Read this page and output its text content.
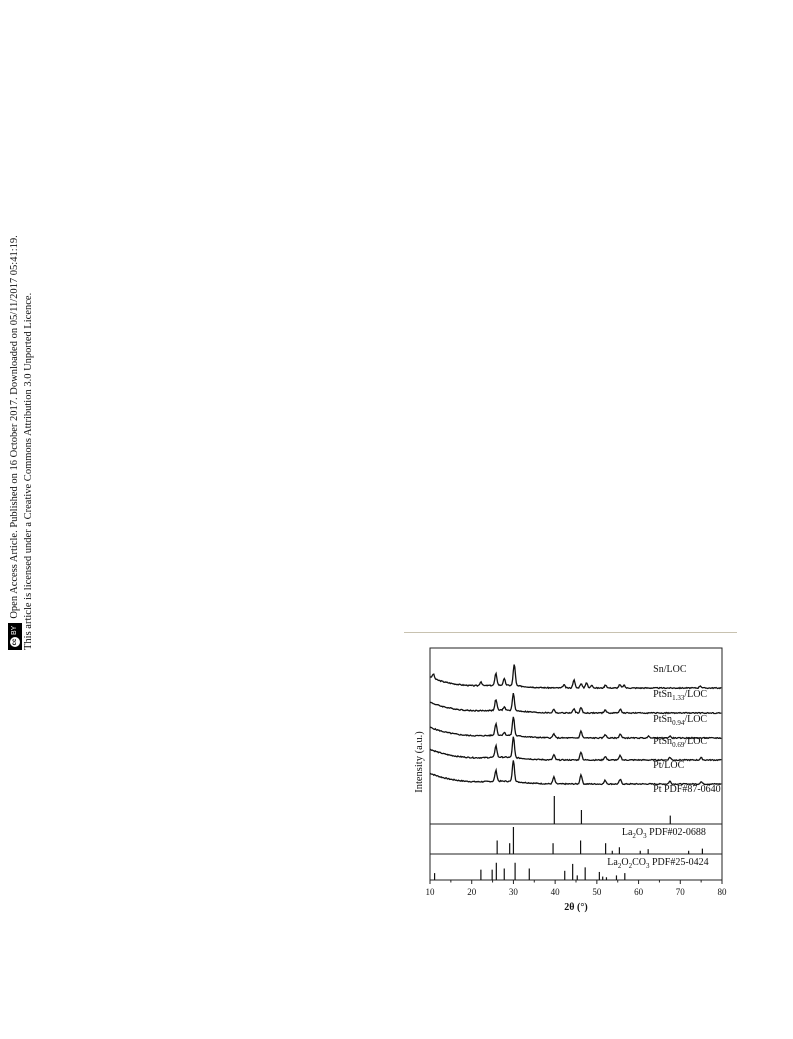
cc
BY
Open Access Article. Published on 16 October 2017. Downloaded on 05/11/2017 05:41:19. This article is licensed under a Creative Commons Attribution 3.0 Unported Licence.
Sn/LOC
PtSn$_{1.33}$/LOC
PtSn$_{0.94}$/LOC
PtSn$_{0.69}$/LOC
Pt/LOC
Intensity (a.u.)	Pt PDF#87-0640
$La_2O_3$ PDF#02-0688
$La_2O_2CO_3$ PDF#25-0424
10	20	30	40	50	60	70	80
2θ (°)
